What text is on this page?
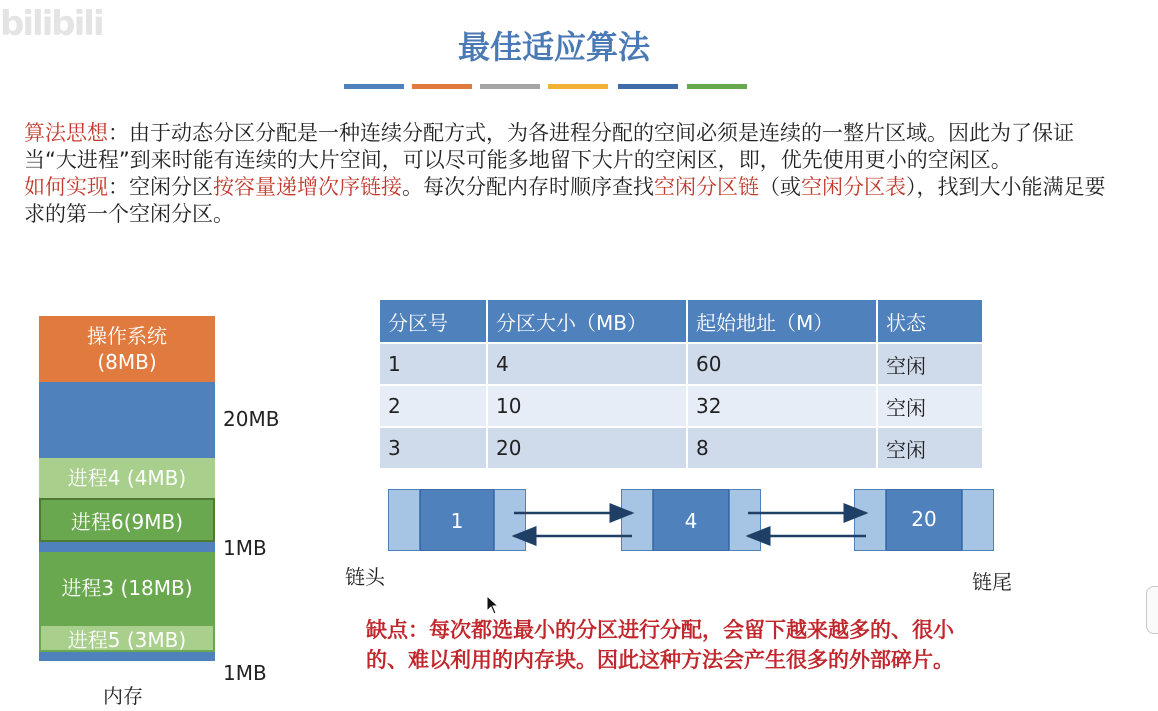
bilibili
最佳适应算法
算法思想：由于动态分区分配是一种连续分配方式，为各进程分配的空间必须是连续的一整片区域。因此为了保证当“大进程”到来时能有连续的大片空间，可以尽可能多地留下大片的空闲区，即，优先使用更小的空闲区。
如何实现：空闲分区按容量递增次序链接。每次分配内存时顺序查找空闲分区链（或空闲分区表），找到大小能满足要求的第一个空闲分区。
操作系统
(8MB)
进程4 (4MB)
进程6(9MB)
进程3 (18MB)
进程5 (3MB)
20MB
1MB
1MB
内存
分区号	分区大小（MB）	起始地址（M）	状态
1	4	60	空闲
2	10	32	空闲
3	20	8	空闲
1	4	20
链头	链尾
缺点：每次都选最小的分区进行分配，会留下越来越多的、很小
的、难以利用的内存块。因此这种方法会产生很多的外部碎片。
